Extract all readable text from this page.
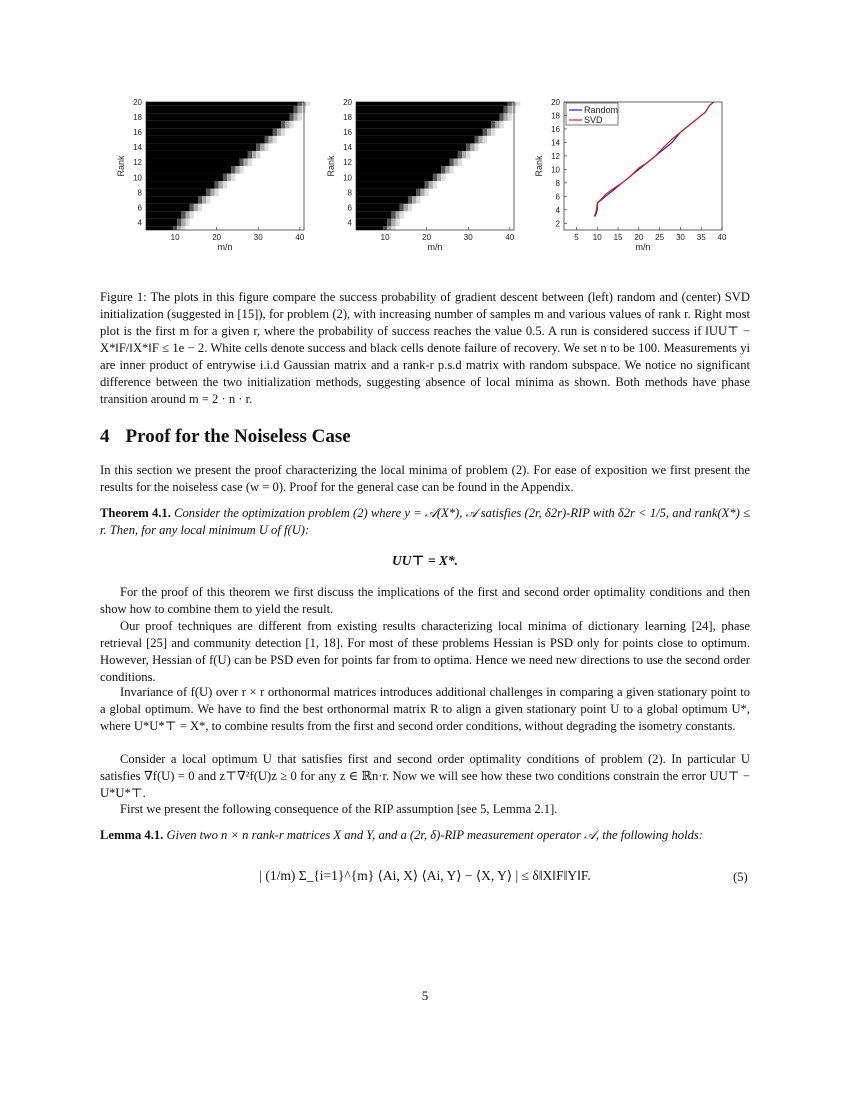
10	20	30	40
4
6
8
10
12
14
16
18
20
m/n
Rank
10	20	30	40
4
6
8
10
12
14
16
18
20
m/n
Rank
Random
SVD
5 10 15 20 25 30 35 40
2
4
6
8
10
12
14
16
18
20
m/n
Rank
Figure 1: The plots in this figure compare the success probability of gradient descent between (left) random and (center) SVD initialization (suggested in [15]), for problem (2), with increasing number of samples m and various values of rank r. Right most plot is the first m for a given r, where the probability of success reaches the value 0.5. A run is considered success if ‖UU⊤ − X*‖F/‖X*‖F ≤ 1e − 2. White cells denote success and black cells denote failure of recovery. We set n to be 100. Measurements yi are inner product of entrywise i.i.d Gaussian matrix and a rank-r p.s.d matrix with random subspace. We notice no significant difference between the two initialization methods, suggesting absence of local minima as shown. Both methods have phase transition around m = 2 · n · r.
4 Proof for the Noiseless Case
In this section we present the proof characterizing the local minima of problem (2). For ease of exposition we first present the results for the noiseless case (w = 0). Proof for the general case can be found in the Appendix.
Theorem 4.1. Consider the optimization problem (2) where y = 𝒜(X*), 𝒜 satisfies (2r, δ2r)-RIP with δ2r < 1/5, and rank(X*) ≤ r. Then, for any local minimum U of f(U):
UU⊤ = X*.
For the proof of this theorem we first discuss the implications of the first and second order optimality conditions and then show how to combine them to yield the result.
Our proof techniques are different from existing results characterizing local minima of dictionary learning [24], phase retrieval [25] and community detection [1, 18]. For most of these problems Hessian is PSD only for points close to optimum. However, Hessian of f(U) can be PSD even for points far from to optima. Hence we need new directions to use the second order conditions.
Invariance of f(U) over r × r orthonormal matrices introduces additional challenges in comparing a given stationary point to a global optimum. We have to find the best orthonormal matrix R to align a given stationary point U to a global optimum U*, where U*U*⊤ = X*, to combine results from the first and second order conditions, without degrading the isometry constants.
Consider a local optimum U that satisfies first and second order optimality conditions of problem (2). In particular U satisfies ∇f(U) = 0 and z⊤∇²f(U)z ≥ 0 for any z ∈ ℝn·r. Now we will see how these two conditions constrain the error UU⊤ − U*U*⊤.
First we present the following consequence of the RIP assumption [see 5, Lemma 2.1].
Lemma 4.1. Given two n × n rank-r matrices X and Y, and a (2r, δ)-RIP measurement operator 𝒜, the following holds:
| (1/m) Σ_{i=1}^{m} ⟨Ai, X⟩ ⟨Ai, Y⟩ − ⟨X, Y⟩ | ≤ δ‖X‖F‖Y‖F.	(5)
5
